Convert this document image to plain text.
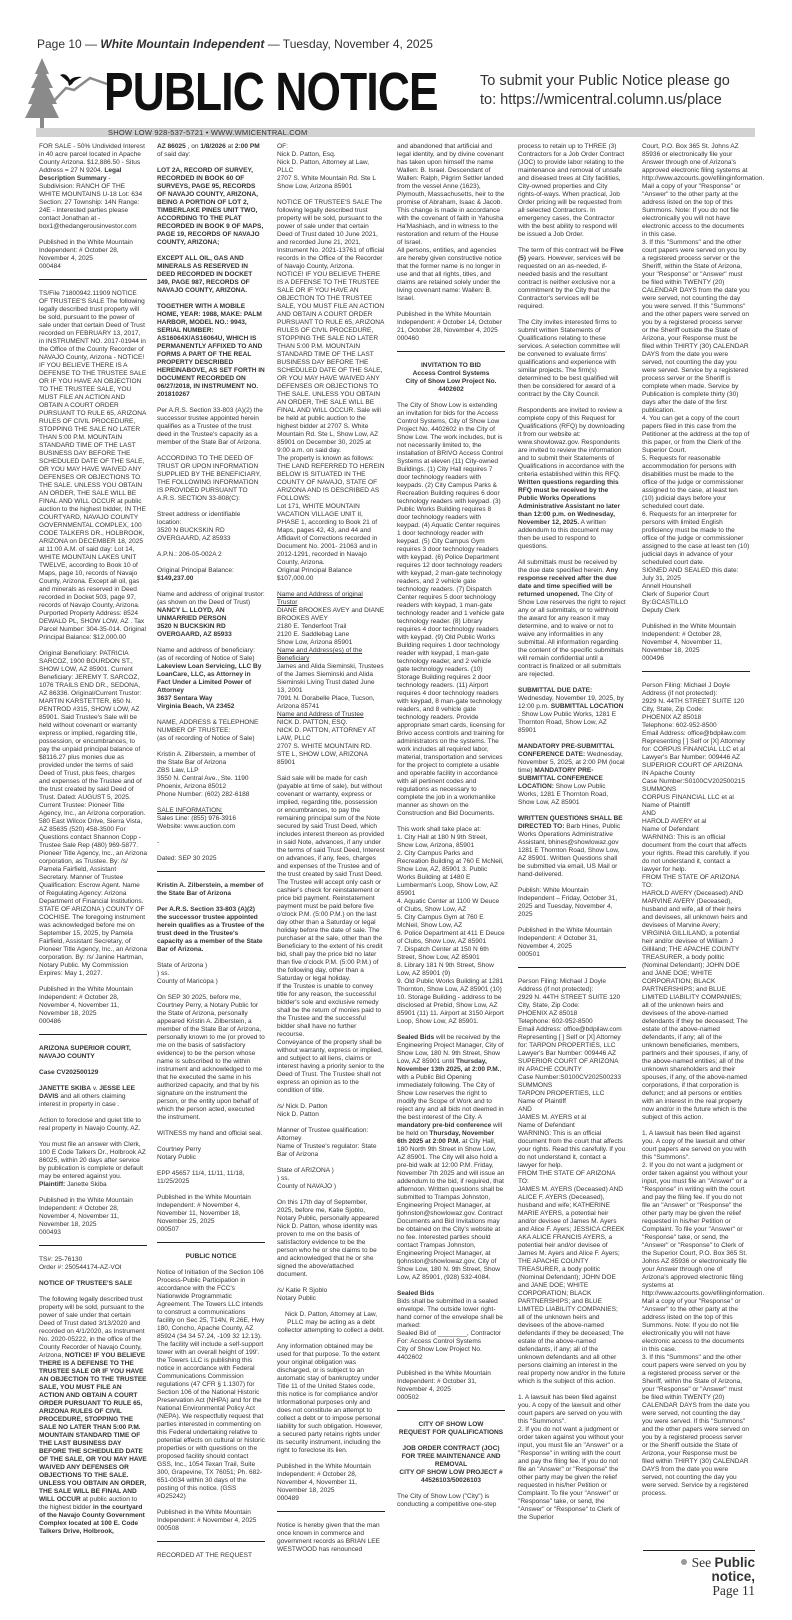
Page 10 — White Mountain Independent — Tuesday, November 4, 2025
PUBLIC NOTICE	To submit your Public Notice please go
to: https://wmicentral.column.us/place
SHOW LOW 928-537-5721 • WWW.WMICENTRAL.COM

FOR SALE - 50% Undivided Interest in 40 acre parcel located in Apache County Arizona. $12,886.50 - Situs Address = 27 N 9204. Legal Description Summary - Subdivision: RANCH OF THE WHITE MOUNTAINS U-18 Lot: 634 Section: 27 Township: 14N Range: 24E - Interested parties please contact Jonathan at - box1@thedangerousinvestor.com

Published in the White Mountain Independent: # October 28, November 4, 2025
000484

TS/File 71800942.11909 NOTICE OF TRUSTEE'S SALE The following legally described trust property will be sold, pursuant to the power of sale under that certain Deed of Trust recorded on FEBRUARY 13, 2017, in INSTRUMENT NO. 2017-01944 in the Office of the County Recorder of NAVAJO County, Arizona - NOTICE! IF YOU BELIEVE THERE IS A DEFENSE TO THE TRUSTEE SALE OR IF YOU HAVE AN OBJECTION TO THE TRUSTEE SALE, YOU MUST FILE AN ACTION AND OBTAIN A COURT ORDER PURSUANT TO RULE 65, ARIZONA RULES OF CIVIL PROCEDURE, STOPPING THE SALE NO LATER THAN 5:00 P.M. MOUNTAIN STANDARD TIME OF THE LAST BUSINESS DAY BEFORE THE SCHEDULED DATE OF THE SALE, OR YOU MAY HAVE WAIVED ANY DEFENSES OR OBJECTIONS TO THE SALE. UNLESS YOU OBTAIN AN ORDER, THE SALE WILL BE FINAL AND WILL OCCUR at public auction to the highest bidder, IN THE COURTYARD, NAVAJO COUNTY GOVERNMENTAL COMPLEX, 100 CODE TALKERS DR., HOLBROOK, ARIZONA on DECEMBER 18, 2025 at 11:00 A.M. of said day: Lot 14, WHITE MOUNTAIN LAKES UNIT TWELVE, according to Book 10 of Maps, page 10, records of Navajo County, Arizona. Except all oil, gas and minerals as reserved in Deed recorded in Docket 503, page 97, records of Navajo County, Arizona. Purported Property Address: 8524 DEWALD PL, SHOW LOW, AZ . Tax Parcel Number: 304-35-014. Original Principal Balance: $12,000.00

Original Beneficiary: PATRICIA SARCOZ, 1900 BOURDON ST., SHOW LOW, AZ 85901. Current Beneficiary: JEREMY T. SARCOZ, 1076 TRAILS END DR., SEDONA, AZ 86336. Original/Current Trustor: MARTIN KARSTETTER, 650 N. PENTROD #315, SHOW LOW, AZ 85901. Said Trustee's Sale will be held without covenant or warranty express or implied, regarding title, possession, or encumbrances, to pay the unpaid principal balance of $8116.27 plus monies due as provided under the terms of said Deed of Trust, plus fees, charges and expenses of the Trustee and of the trust created by said Deed of Trust. Dated: AUGUST 5, 2025. Current Trustee: Pioneer Title Agency, Inc., an Arizona corporation. 580 East Wilcox Drive, Sierra Vista, AZ 85635 (520) 458-3500 For Questions contact Shannon Copp - Trustee Sale Rep (480) 969-5877. Pioneer Title Agency, Inc., an Arizona corporation, as Trustee. By: /s/ Pamela Fairfield, Assistant Secretary. Manner of Trustee Qualification: Escrow Agent. Name of Regulating Agency: Arizona Department of Financial Institutions. STATE OF ARIZONA ) COUNTY OF COCHISE. The foregoing instrument was acknowledged before me on September 15, 2025, by Pamela Fairfield, Assistant Secretary, of Pioneer Title Agency, Inc., an Arizona corporation. By: /s/ Janine Hartman, Notary Public. My Commission Expires: May 1, 2027.

Published in the White Mountain Independent: # October 28, November 4, November 11, November 18, 2025
000486

ARIZONA SUPERIOR COURT, NAVAJO COUNTY

Case CV202500129

JANETTE SKIBA v. JESSE LEE DAVIS and all others claiming interest in property in case .

Action to foreclose and quiet title to real property in Navajo County, AZ.

You must file an answer with Clerk, 100 E Code Talkers Dr., Holbrook AZ 86025, within 20 days after service by publication is complete or default may be entered against you. Plaintiff: Janette Skiba

Published in the White Mountain Independent: # October 28, November 4, November 11, November 18, 2025
000493

TS#: 25-76130
Order #: 250544174-AZ-VOI

NOTICE OF TRUSTEE'S SALE

The following legally described trust property will be sold, pursuant to the power of sale under that certain Deed of Trust dated 3/13/2020 and recorded on 4/1/2020, as Instrument No. 2020-05222, in the office of the County Recorder of Navajo County, Arizona, NOTICE! IF YOU BELIEVE THERE IS A DEFENSE TO THE TRUSTEE SALE OR IF YOU HAVE AN OBJECTION TO THE TRUSTEE SALE, YOU MUST FILE AN ACTION AND OBTAIN A COURT ORDER PURSUANT TO RULE 65, ARIZONA RULES OF CIVIL PROCEDURE, STOPPING THE SALE NO LATER THAN 5:00 P.M. MOUNTAIN STANDARD TIME OF THE LAST BUSINESS DAY BEFORE THE SCHEDULED DATE OF THE SALE, OR YOU MAY HAVE WAIVED ANY DEFENSES OR OBJECTIONS TO THE SALE. UNLESS YOU OBTAIN AN ORDER, THE SALE WILL BE FINAL AND WILL OCCUR at public auction to the highest bidder in the courtyard of the Navajo County Government Complex located at 100 E. Code Talkers Drive, Holbrook,

AZ 86025 , on 1/8/2026 at 2:00 PM of said day:

LOT 2A, RECORD OF SURVEY, RECORDED IN BOOK 60 OF SURVEYS, PAGE 95, RECORDS OF NAVAJO COUNTY, ARIZONA, BEING A PORTION OF LOT 2, TIMBERLAKE PINES UNIT TWO, ACCORDING TO THE PLAT RECORDED IN BOOK 9 OF MAPS, PAGE 19, RECORDS OF NAVAJO COUNTY, ARIZONA;

EXCEPT ALL OIL, GAS AND MINERALS AS RESERVED IN DEED RECORDED IN DOCKET 349, PAGE 987, RECORDS OF NAVAJO COUNTY, ARIZONA.

TOGETHER WITH A MOBILE HOME, YEAR: 1988, MAKE: PALM HARBOR, MODEL NO.: 9943, SERIAL NUMBER: AS16064X/AS16064U, WHICH IS PERMANENTLY AFFIXED TO AND FORMS A PART OF THE REAL PROPERTY DESCRIBED HEREINABOVE, AS SET FORTH IN DOCUMENT RECORDED ON 06/27/2018, IN INSTRUMENT NO. 201810267

Per A.R.S. Section 33-803 (A)(2) the successor trustee appointed herein qualifies as a Trustee of the trust deed in the Trustee's capacity as a member of the State Bar of Arizona.

ACCORDING TO THE DEED OF TRUST OR UPON INFORMATION SUPPLIED BY THE BENEFICIARY, THE FOLLOWING INFORMATION IS PROVIDED PURSUANT TO A.R.S. SECTION 33-808(C):

Street address or identifiable location:
3520 N BUCKSKIN RD
OVERGAARD, AZ 85933

A.P.N.: 206-05-002A 2

Original Principal Balance:
$149,237.00

Name and address of original trustor:
(as shown on the Deed of Trust)
NANCY L. LLOYD, AN UNMARRIED PERSON
3520 N BUCKSKIN RD
OVERGAARD, AZ 85933

Name and address of beneficiary:
(as of recording of Notice of Sale)
Lakeview Loan Servicing, LLC By LoanCare, LLC, as Attorney in Fact Under a Limited Power of Attorney
3637 Sentara Way
Virginia Beach, VA 23452

NAME, ADDRESS & TELEPHONE NUMBER OF TRUSTEE:
(as of recording of Notice of Sale)

Kristin A. Zilberstein, a member of the State Bar of Arizona
ZBS Law, LLP
3550 N. Central Ave., Ste. 1190
Phoenix, Arizona 85012
Phone Number: (602) 282-6188

SALE INFORMATION:
Sales Line: (855) 976-3916
Website: www.auction.com

-

Dated: SEP 30 2025

Kristin A. Zilberstein, a member of the State Bar of Arizona

Per A.R.S. Section 33-803 (A)(2) the successor trustee appointed herein qualifies as a Trustee of the trust deed in the Trustee's capacity as a member of the State Bar of Arizona.

State of Arizona )
) ss.
County of Maricopa )

On SEP 30 2025, before me, Courtney Perry, a Notary Public for the State of Arizona, personally appeared Kristin A. Zilberstein, a member of the State Bar of Arizona, personally known to me (or proved to me on the basis of satisfactory evidence) to be the person whose name is subscribed to the within instrument and acknowledged to me that he executed the same in his authorized capacity, and that by his signature on the instrument the person, or the entity upon behalf of which the person acted, executed the instrument.

WITNESS my hand and official seal.

Courtney Perry
Notary Public

EPP 45657 11/4, 11/11, 11/18, 11/25/2025

Published in the White Mountain Independent: # November 4, November 11, November 18, November 25, 2025
000507

PUBLIC NOTICE

Notice of Initiation of the Section 106 Process-Public Participation in accordance with the FCC's Nationwide Programmatic Agreement. The Towers LLC intends to construct a communications facility on Sec 25, T14N, R.26E, Hwy 180, Concho, Apache County, AZ 85924 (34 34 57.24, -109 32 12.13). The facility will include a self-support tower with an overall height of 199'. the Towers LLC is publishing this notice in accordance with Federal Communications Commission regulations (47 CFR § 1.1307) for Section 106 of the National Historic Preservation Act (NHPA) and for the National Environmental Policy Act (NEPA). We respectfully request that parties interested in commenting on this Federal undertaking relative to potential effects on cultural or historic properties or with questions on the proposed facility should contact GSS, Inc., 1054 Texan Trail, Suite 300, Grapevine, TX 76051; Ph. 682-651-0034 within 30 days of the posting of this notice. (GSS #D25242)

Published in the White Mountain Independent: # November 4, 2025
000508

RECORDED AT THE REQUEST

OF:
Nick D. Patton, Esq.
Nick D. Patton, Attorney at Law, PLLC
2707 S. White Mountain Rd. Ste L
Show Low, Arizona 85901

NOTICE OF TRUSTEE'S SALE The following legally described trust property will be sold, pursuant to the power of sale under that certain Deed of Trust dated 10 June 2021, and recorded June 21, 2021, Instrument No. 2021-13761 of official records in the Office of the Recorder of Navajo County, Arizona.
NOTICE! IF YOU BELIEVE THERE IS A DEFENSE TO THE TRUSTEE SALE OR IF YOU HAVE AN OBJECTION TO THE TRUSTEE SALE, YOU MUST FILE AN ACTION AND OBTAIN A COURT ORDER PURSUANT TO RULE 65, ARIZONA RULES OF CIVIL PROCEDURE, STOPPING THE SALE NO LATER THAN 5:00 P.M. MOUNTAIN STANDARD TIME OF THE LAST BUSINESS DAY BEFORE THE SCHEDULED DATE OF THE SALE, OR YOU MAY HAVE WAIVED ANY DEFENSES OR OBJECTIONS TO THE SALE. UNLESS YOU OBTAIN AN ORDER, THE SALE WILL BE FINAL AND WILL OCCUR. Sale will be held at public auction to the highest bidder at 2707 S. White Mountain Rd. Ste L, Show Low, AZ 85901 on December 30, 2025 at 9:00 a.m. on said day.
The property is known as follows: THE LAND REFERRED TO HEREIN BELOW IS SITUATED IN THE COUNTY OF NAVAJO, STATE OF ARIZONA AND IS DESCRIBED AS FOLLOWS:
Lot 171, WHITE MOUNTAIN VACATION VILLAGE UNIT II, PHASE 1, according to Book 21 of Maps, pages 42, 43, and 44 and Affidavit of Corrections recorded in Document No. 2001- 21063 and in 2012-1291, recorded in Navajo County, Arizona.
Original Principal Balance
$107,000.00

Name and Address of original Trustor
DIANE BROOKES AVEY and DIANE BROOKES AVEY
2180 E. Tenderfoot Trail
2120 E. Saddlebag Lane
Show Low, Arizona 85901
Name and Address(es) of the Beneficiary
James and Alida Sieminski, Trustees of the James Sieminski and Alida Sieminski Living Trust dated June 13, 2001
7091 N. Dorabelle Place, Tucson, Arizona 85741
Name and Address of Trustee
NICK D. PATTON, ESQ.
NICK D. PATTON, ATTORNEY AT LAW, PLLC
2707 S. WHITE MOUNTAIN RD. STE L, SHOW LOW, ARIZONA 85901

Said sale will be made for cash (payable at time of sale), but without covenant or warranty, express or implied, regarding title, possession or encumbrances, to pay the remaining principal sum of the Note secured by said Trust Deed, which includes interest thereon as provided in said Note, advances, if any under the terms of said Trust Deed, Interest on advances, if any, fees, charges and expenses of the Trustee and of the trust created by said Trust Deed.
The Trustee will accept only cash or cashier's check for reinstatement or price bid payment. Reinstatement payment must be paid before five o'clock P.M. (5:00 P.M.) on the last day other than a Saturday or legal holiday before the date of sale. The purchaser at the sale, other than the Beneficiary to the extent of his credit bid, shall pay the price bid no later than five o'clock P.M. (5:00 P.M.) of the following day, other than a Saturday or legal holiday.
If the Trustee is unable to convey title for any reason, the successful bidder's sole and exclusive remedy shall be the return of monies paid to the Trustee and the successful bidder shall have no further recourse.
Conveyance of the property shall be without warranty, express or implied, and subject to all liens, claims or interest having a priority senior to the Deed of Trust. The Trustee shall not express an opinion as to the condition of title.

/s/ Nick D. Patton
Nick D. Patton

Manner of Trustee qualification: Attorney
Name of Trustee's regulator: State Bar of Arizona

State of ARIZONA )
) ss.
County of NAVAJO )

On this 17th day of September, 2025, before me, Katie Sjoblo, Notary Public, personally appeared Nick D. Patton, whose identity was proven to me on the basis of satisfactory evidence to be the person who he or she claims to be and acknowledged that he or she signed the above/attached document.

/s/ Katie R Sjoblo
Notary Public

Nick D. Patton, Attorney at Law, PLLC may be acting as a debt collector attempting to collect a debt.

Any information obtained may be used for that purpose. To the extent your original obligation was discharged, or is subject to an automatic stay of bankruptcy under Title 11 of the United States code, this notice is for compliance and/or Informational purposes only and does not constitute an attempt to collect a debt or to impose personal liability for such obligation. However, a secured party retains rights under its security instrument, including the right to foreclose its lien.

Published in the White Mountain Independent: # October 28, November 4, November 11, November 18, 2025
000489

Notice is hereby given that the man once known in commerce and government records as BRIAN LEE WESTWOOD has renounced

and abandoned that artificial and legal identity, and by divine covenant has taken upon himself the name Wallen: B. Israel. Descendant of Wallen: Ralph, Pilgrim Settler landed from the vessel Anne (1623), Plymouth, Massachusetts, heir to the promise of Abraham, Isaac & Jacob.
This change is made in accordance with the covenant of faith in Yahusha Ha'Mashiach, and in witness to the restoration and return of the House of Israel.
All persons, entities, and agencies are hereby given constructive notice that the former name is no longer in use and that all rights, titles, and claims are retained solely under the living covenant name: Wallen: B. Israel.

Published in the White Mountain Independent: # October 14, October 21, October 28, November 4, 2025
000460

INVITATION TO BID
Access Control Systems
City of Show Low Project No. 4402602

The City of Show Low is extending an invitation for bids for the Access Control Systems, City of Show Low Project No. 4402602 in the City of Show Low. The work includes, but is not necessarily limited to, the installation of BRIVO Access Control Systems at eleven (11) City-owned Buildings. (1) City Hall requires 7 door technology readers with keypads. (2) City Campus Parks & Recreation Building requires 6 door technology readers with keypad. (3) Public Works Building requires 8 door technology readers with keypad. (4) Aquatic Center requires 1 door technology reader with keypad. (5) City Campus Gym requires 3 door technology readers with keypad. (6) Police Department requires 12 door technology readers with keypad, 2 man-gate technology readers, and 2 vehicle gate technology readers. (7) Dispatch Center requires 5 door technology readers with keypad, 1 man-gate technology reader and 1 vehicle gate technology reader. (8) Library requires 4 door technology readers with keypad. (9) Old Public Works Building requires 1 door technology reader with keypad, 1 man-gate technology reader, and 2 vehicle gate technology readers. (10) Storage Building requires 2 door technology readers. (11) Airport requires 4 door technology readers with keypad, 8 man-gate technology readers, and 8 vehicle gate technology readers. Provide appropriate smart cards, licensing for Brivo access controls and training for administrators on the systems. The work includes all required labor, material, transportation and services for the project to complete a usable and operable facility in accordance with all pertinent codes and regulations as necessary to complete the job in a workmanlike manner as shown on the Construction and Bid Documents.

This work shall take place at:
1. City Hall at 180 N 9th Street, Show Low, Arizona, 85901
2. City Campus Parks and Recreation Building at 760 E McNeil, Show Low, AZ, 85901 3. Public Works Building at 1480 E Lumberman's Loop, Show Low, AZ 85901
4. Aquatic Center at 1100 W Deuce of Clubs, Show Low, AZ
5. City Campus Gym at 760 E McNeil, Show Low, AZ
6. Police Department at 411 E Deuce of Clubs, Show Low, AZ 85901
7. Dispatch Center at 150 N 6th Street, Show Low, AZ 85901
8. Library 181 N 9th Street, Show Low, AZ 85901 (9)
9. Old Public Works Building at 1281 Thornton, Show Low, AZ 85901 (10)
10. Storage Building - address to be disclosed at Prebid, Show Low, AZ 85901 (11) 11. Airport at 3150 Airport Loop, Show Low, AZ 85901.

Sealed Bids will be received by the Engineering Project Manager, City of Show Low, 180 N. 9th Street, Show Low, AZ 85901 until Thursday, November 13th 2025, at 2:00 P.M., with a Public Bid Opening immediately following. The City of Show Low reserves the right to modify the Scope of Work and to reject any and all bids not deemed in the best interest of the City. A mandatory pre-bid conference will be held on Thursday, November 6th 2025 at 2:00 P.M. at City Hall, 180 North 9th Street in Show Low, AZ 85901. The City will also hold a pre-bid walk at 12:00 P.M. Friday, November 7th 2025 and will issue an addendum to the bid, if required, that afternoon. Written questions shall be submitted to Trampas Johnston, Engineering Project Manager, at tjohnston@showlowaz.gov. Contract Documents and Bid Invitations may be obtained on the City's website at no fee. Interested parties should contact Trampas Johnston, Engineering Project Manager, at tjohnston@showlowaz.gov, City of Show Low, 180 N. 9th Street, Show Low, AZ 85901, (928) 532-4084.

Sealed Bids
Bids shall be submitted in a sealed envelope. The outside lower right-hand corner of the envelope shall be marked:
Sealed Bid of ________, Contractor For: Access Control Systems
City of Show Low Project No. 4402602

Published in the White Mountain Independent: # October 31, November 4, 2025
000502

CITY OF SHOW LOW
REQUEST FOR QUALIFICATIONS

JOB ORDER CONTRACT (JOC) FOR TREE MAINTENANCE AND REMOVAL
CITY OF SHOW LOW PROJECT # 44526103/50026103

The City of Show Low ("City") is conducting a competitive one-step

process to retain up to THREE (3) Contractors for a Job Order Contract (JOC) to provide labor relating to the maintenance and removal of unsafe and diseased trees at City facilities, City-owned properties and City rights-of-ways. When practical, Job Order pricing will be requested from all selected Contractors. In emergency cases, the Contractor with the best ability to respond will be issued a Job Order.

The term of this contract will be Five (5) years. However, services will be requested on an as-needed, if-needed basis and the resultant contract is neither exclusive nor a commitment by the City that the Contractor's services will be required.

The City invites interested firms to submit written Statements of Qualifications relating to these services. A selection committee will be convened to evaluate firms' qualifications and experience with similar projects. The firm(s) determined to be best qualified will then be considered for award of a contract by the City Council.

Respondents are invited to review a complete copy of this Request for Qualifications (RFQ) by downloading it from our website at: www.showlowaz.gov. Respondents are invited to review the information and to submit their Statements of Qualifications in accordance with the criteria established within this RFQ. Written questions regarding this RFQ must be received by the Public Works Operations Administrative Assistant no later than 12:00 p.m. on Wednesday, November 12, 2025. A written addendum to this document may then be used to respond to questions.

All submittals must be received by the due date specified herein. Any response received after the due date and time specified will be returned unopened. The City of Show Low reserves the right to reject any or all submittals, or to withhold the award for any reason it may determine, and to waive or not to waive any informalities in any submittal. All information regarding the content of the specific submittals will remain confidential until a contract is finalized or all submittals are rejected.

SUBMITTAL DUE DATE: Wednesday, November 19, 2025, by 12:00 p.m. SUBMITTAL LOCATION
: Show Low Public Works, 1281 E Thornton Road, Show Low, AZ 85901

MANDATORY PRE-SUBMITTAL CONFERENCE DATE: Wednesday, November 5, 2025, at 2:00 PM (local time) MANDATORY PRE-SUBMITTAL CONFERENCE LOCATION: Show Low Public Works, 1281 E Thornton Road, Show Low, AZ 85901

WRITTEN QUESTIONS SHALL BE DIRECTED TO: Barb Hines, Public Works Operations Administrative Assistant, bhines@showlowaz.gov 1281 E Thornton Road, Show Low, AZ 85901. Written Questions shall be submitted via email, US Mail or hand-delivered.

Publish: White Mountain Independent – Friday, October 31, 2025 and Tuesday, November 4, 2025

Published in the White Mountain Independent: # October 31, November 4, 2025
000501

Person Filing: Michael J Doyle
Address (if not protected):
2929 N. 44TH STREET SUITE 120 City, State, Zip Code:
PHOENIX AZ 85018
Telephone: 602-952-8500
Email Address: office@bdpilaw.com
Representing [ ] Self or [X] Attorney for: TARPON PROPERTIES, LLC
Lawyer's Bar Number: 009446 AZ
SUPERIOR COURT OF ARIZONA
IN APACHE COUNTY
Case Number:S0100CV202500233
SUMMONS
TARPON PROPERTIES, LLC
Name of Plaintiff
AND
JAMES M. AYERS et al
Name of Defendant
WARNING: This is an official document from the court that affects your rights. Read this carefully. If you do not understand it, contact a lawyer for help.
FROM THE STATE OF ARIZONA TO:
JAMES M. AYERS (Deceased) AND ALICE F. AYERS (Deceased), husband and wife; KATHERINE MARIE AYERS, a potential heir and/or devisee of James M. Ayers and Alice F. Ayers; JESSICA CREEK AKA ALICE FRANCIS AYERS, a potential heir and/or devisee of James M. Ayers and Alice F. Ayers; THE APACHE COUNTY TREASURER, a body politic (Nominal Defendant); JOHN DOE and JANE DOE; WHITE CORPORATION; BLACK PARTNERSHIPS; and BLUE LIMITED LIABILITY COMPANIES; all of the unknown heirs and devisees of the above-named defendants if they be deceased; The estate of the above-named defendants, if any; all of the unknown defendants and all other persons claiming an interest in the real property now and/or in the future which is the subject of this action.

1. A lawsuit has been filed against you. A copy of the lawsuit and other court papers are served on you with this "Summons".
2. If you do not want a judgment or order taken against you without your input, you must file an "Answer" or a "Response" in writing with the court and pay the filing fee. If you do not file an "Answer" or "Response" the other party may be given the relief requested in his/her Petition or Complaint. To file your "Answer" or "Response" take, or send, the "Answer" or "Response" to Clerk of the Superior

Court, P.O. Box 365 St. Johns AZ 85936 or electronically file your Answer through one of Arizona's approved electronic filing systems at http://www.azcourts.gov/efilinginformation. Mail a copy of your "Response" or "Answer" to the other party at the address listed on the top of this Summons. Note: If you do not file electronically you will not have electronic access to the documents in this case.
3. If this "Summons" and the other court papers were served on you by a registered process server or the Sheriff, within the State of Arizona, your "Response" or "Answer" must be filed within TWENTY (20) CALENDAR DAYS from the date you were served, not counting the day you were served. If this "Summons" and the other papers were served on you by a registered process server or the Sheriff outside the State of Arizona, your Response must be filed within THIRTY (30) CALENDAR DAYS from the date you were served, not counting the day you were served. Service by a registered process server or the Sheriff is complete when made. Service by Publication is complete thirty (30) days after the date of the first publication.
4. You can get a copy of the court papers filed in this case from the Petitioner at the address at the top of this paper, or from the Clerk of the Superior Court.
5. Requests for reasonable accommodation for persons with disabilities must be made to the office of the judge or commissioner assigned to the case, at least ten (10) judicial days before your scheduled court date.
6. Requests for an interpreter for persons with limited English proficiency must be made to the office of the judge or commissioner assigned to the case at least ten (10) judicial days in advance of your scheduled court date.
SIGNED AND SEALED this date: July 31, 2025
Annell Hounshell
Clerk of Superior Court
By:GCASTILLO
Deputy Clerk

Published in the White Mountain Independent: # October 28, November 4, November 11, November 18, 2025
000496

Person Filing: Michael J Doyle
Address (if not protected):
2929 N. 44TH STREET SUITE 120 City, State, Zip Code:
PHOENIX AZ 85018
Telephone: 602-952-8500
Email Address: office@bdpilaw.com
Representing [ ] Self or [X] Attorney for: CORPUS FINANCIAL LLC et al
Lawyer's Bar Number: 009446 AZ
SUPERIOR COURT OF ARIZONA
IN Apache County
Case Number:S0100CV202500215
SUMMONS
CORPUS FINANCIAL LLC et al
Name of Plaintiff
AND
HAROLD AVERY et al
Name of Defendant
WARNING: This is an official document from the court that affects your rights. Read this carefully. If you do not understand it, contact a lawyer for help.
FROM THE STATE OF ARIZONA TO:
HAROLD AVERY (Deceased) AND MARVINE AVERY (Deceased), husband and wife, all of their heirs and devisees, all unknown heirs and devisees of Marvine Avery; VIRGINIA GILLILAND, a potential heir and/or devisee of William J Gilliland; THE APACHE COUNTY TREASURER, a body politic (Nominal Defendant); JOHN DOE and JANE DOE; WHITE CORPORATION; BLACK PARTNERSHIPS; and BLUE LIMITED LIABILITY COMPANIES; all of the unknown heirs and devisees of the above-named defendants if they be deceased; The estate of the above-named defendants, if any; all of the unknown beneficiaries, members, partners and their spouses, if any, of the above-named entities; all of the unknown shareholders and their spouses, if any, of the above-named corporations, if that corporation is defunct; and all persons or entities with an interest in the real property now and/or in the future which is the subject of this action.

1. A lawsuit has been filed against you. A copy of the lawsuit and other court papers are served on you with this "Summons".
2. If you do not want a judgment or order taken against you without your input, you must file an "Answer" or a "Response" in writing with the court and pay the filing fee. If you do not file an "Answer" or "Response" the other party may be given the relief requested in his/her Petition or Complaint. To file your "Answer" or "Response" take, or send, the "Answer" or "Response" to Clerk of the Superior Court, P.O. Box 365 St. Johns AZ 85936 or electronically file your Answer through one of Arizona's approved electronic filing systems at http://www.azcourts.gov/efilinginformation. Mail a copy of your "Response" or "Answer" to the other party at the address listed on the top of this Summons. Note: If you do not file electronically you will not have electronic access to the documents in this case.
3. If this "Summons" and the other court papers were served on you by a registered process server or the Sheriff, within the State of Arizona, your "Response" or "Answer" must be filed within TWENTY (20) CALENDAR DAYS from the date you were served, not counting the day you were served. If this "Summons" and the other papers were served on you by a registered process server or the Sheriff outside the State of Arizona, your Response must be filed within THIRTY (30) CALENDAR DAYS from the date you were served, not counting the day you were served. Service by a registered process.

See Public notice,
Page 11
